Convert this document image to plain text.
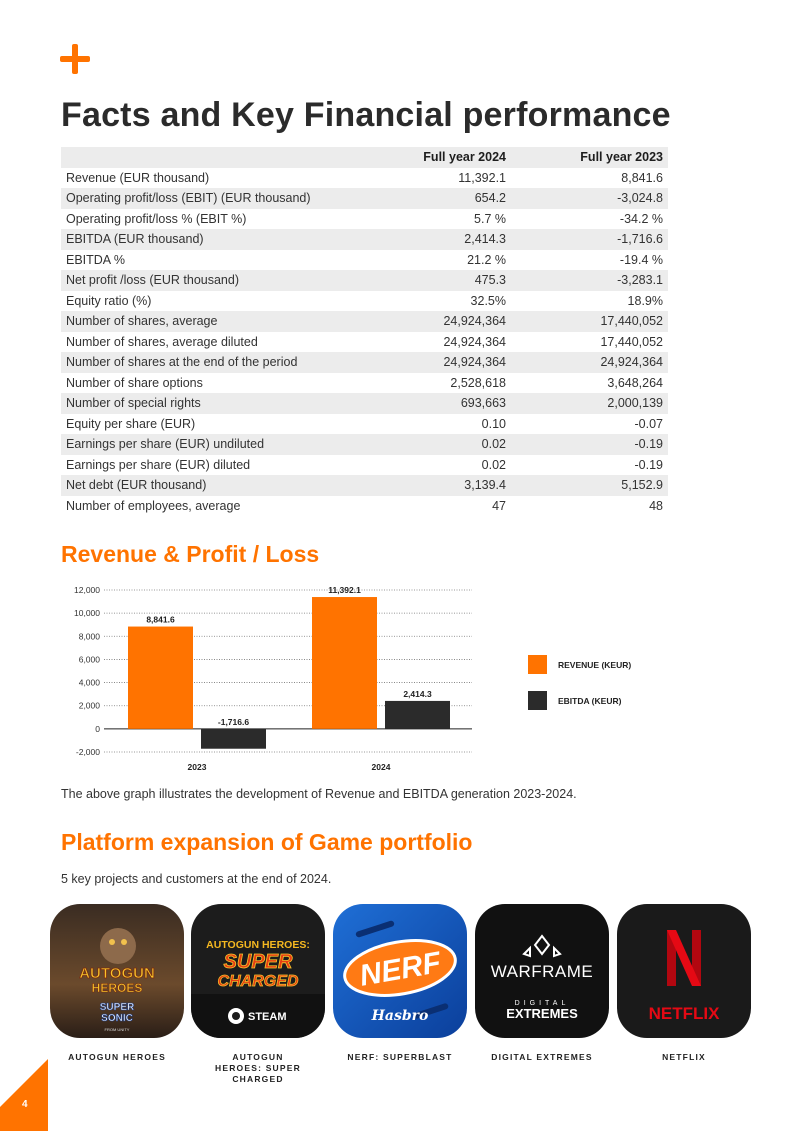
Facts and Key Financial performance
	Full year 2024	Full year 2023
Revenue (EUR thousand)	11,392.1	8,841.6
Operating profit/loss (EBIT) (EUR thousand)	654.2	-3,024.8
Operating profit/loss % (EBIT %)	5.7 %	-34.2 %
EBITDA (EUR thousand)	2,414.3	-1,716.6
EBITDA %	21.2 %	-19.4 %
Net profit /loss (EUR thousand)	475.3	-3,283.1
Equity ratio (%)	32.5%	18.9%
Number of shares, average	24,924,364	17,440,052
Number of shares, average diluted	24,924,364	17,440,052
Number of shares at the end of the period	24,924,364	24,924,364
Number of share options	2,528,618	3,648,264
Number of special rights	693,663	2,000,139
Equity per share (EUR)	0.10	-0.07
Earnings per share (EUR) undiluted	0.02	-0.19
Earnings per share (EUR) diluted	0.02	-0.19
Net debt (EUR thousand)	3,139.4	5,152.9
Number of employees, average	47	48
Revenue & Profit / Loss
12,000
10,000
8,000
6,000
4,000
2,000
0
-2,000
8,841.6
-1,716.6
2023
11,392.1
2,414.3
2024
REVENUE (KEUR)
EBITDA (KEUR)

The above graph illustrates the development of Revenue and EBITDA generation 2023-2024.

Platform expansion of Game portfolio

5 key projects and customers at the end of 2024.

AUTOGUN
HEROES
SUPER
SONIC
FROM UNITY
AUTOGUN HEROES:
SUPER
CHARGED
STEAM
NERF
Hasbro
WARFRAME
DIGITAL
EXTREMES	NETFLIX
AUTOGUN HEROES	AUTOGUN HEROES: SUPER CHARGED
NERF: SUPERBLAST	DIGITAL EXTREMES	NETFLIX
4
